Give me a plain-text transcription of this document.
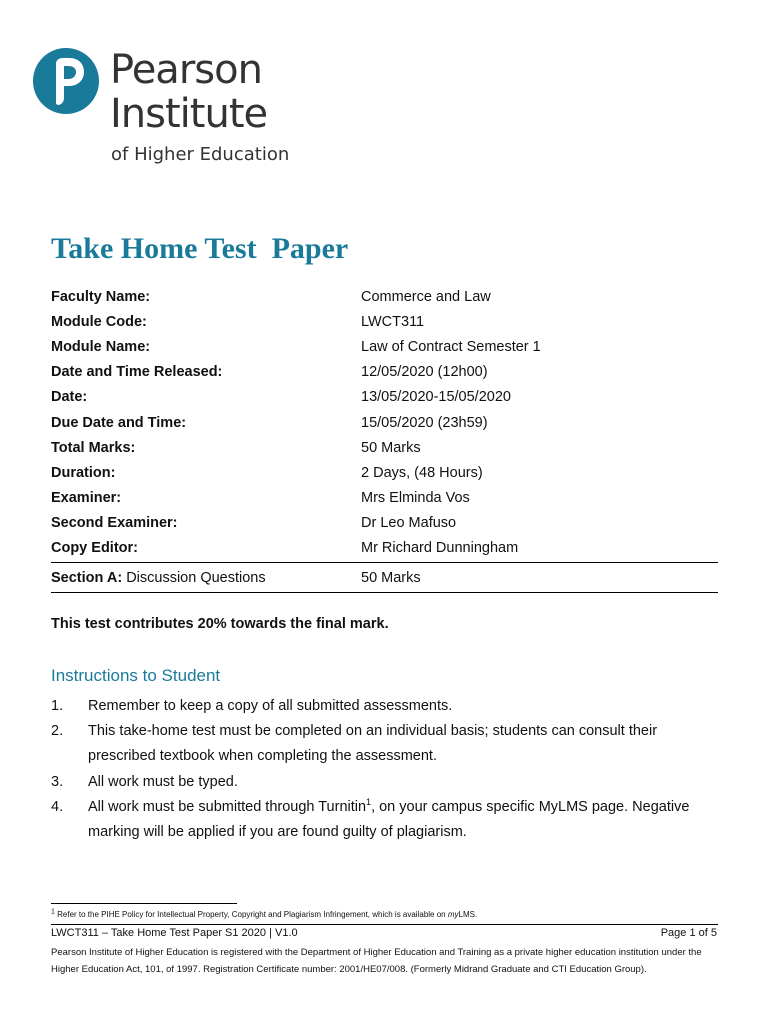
Pearson
Institute
of Higher Education
Take Home Test  Paper
Faculty Name:	Commerce and Law
Module Code:	LWCT311
Module Name:	Law of Contract Semester 1
Date and Time Released:	12/05/2020 (12h00)
Date:	13/05/2020-15/05/2020
Due Date and Time:	15/05/2020 (23h59)
Total Marks:	50 Marks
Duration:	2 Days, (48 Hours)
Examiner:	Mrs Elminda Vos
Second Examiner:	Dr Leo Mafuso
Copy Editor:	Mr Richard Dunningham
Section A: Discussion Questions	50 Marks
This test contributes 20% towards the final mark.
Instructions to Student
1.	Remember to keep a copy of all submitted assessments.
2.	This take-home test must be completed on an individual basis; students can consult their prescribed textbook when completing the assessment.
3.	All work must be typed.
4.	All work must be submitted through Turnitin$^1$, on your campus specific MyLMS page. Negative marking will be applied if you are found guilty of plagiarism.
$^1$ Refer to the PIHE Policy for Intellectual Property, Copyright and Plagiarism Infringement, which is available on myLMS.
LWCT311 – Take Home Test Paper S1 2020 | V1.0	Page 1 of 5
Pearson Institute of Higher Education is registered with the Department of Higher Education and Training as a private higher education institution under the Higher Education Act, 101, of 1997. Registration Certificate number: 2001/HE07/008. (Formerly Midrand Graduate and CTI Education Group).
